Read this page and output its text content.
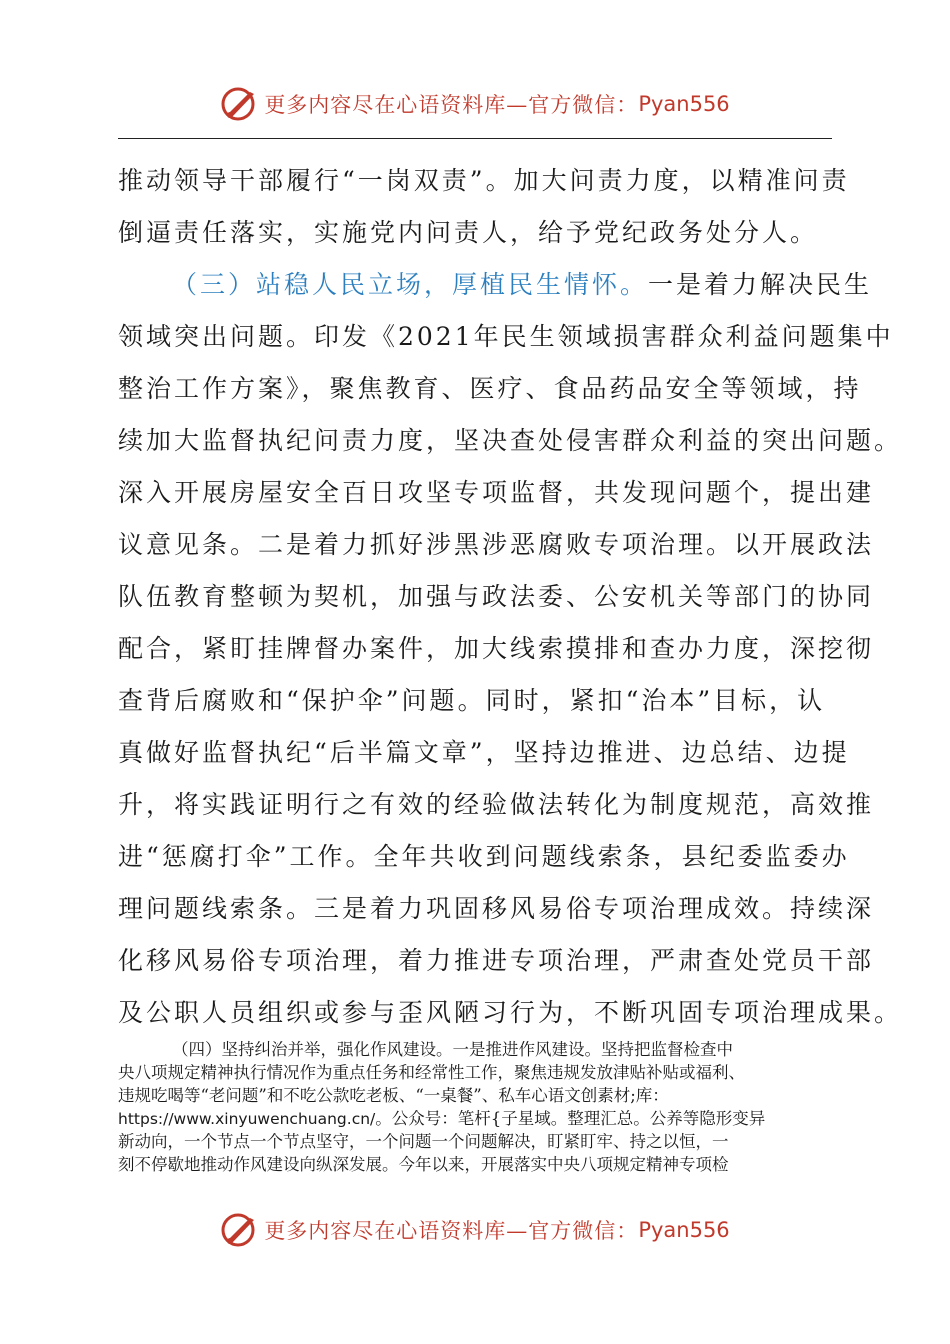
更多内容尽在心语资料库—官方微信： Pyan556
推动领导干部履行“一岗双责”。加大问责力度，以精准问责
倒逼责任落实，实施党内问责人，给予党纪政务处分人。
（三）站稳人民立场，厚植民生情怀。一是着力解决民生
领域突出问题。印发《2021年民生领域损害群众利益问题集中
整治工作方案》，聚焦教育、医疗、食品药品安全等领域，持
续加大监督执纪问责力度，坚决查处侵害群众利益的突出问题。
深入开展房屋安全百日攻坚专项监督，共发现问题个，提出建
议意见条。二是着力抓好涉黑涉恶腐败专项治理。以开展政法
队伍教育整顿为契机，加强与政法委、公安机关等部门的协同
配合，紧盯挂牌督办案件，加大线索摸排和查办力度，深挖彻
查背后腐败和“保护伞”问题。同时，紧扣“治本”目标，认
真做好监督执纪“后半篇文章”，坚持边推进、边总结、边提
升，将实践证明行之有效的经验做法转化为制度规范，高效推
进“惩腐打伞”工作。全年共收到问题线索条，县纪委监委办
理问题线索条。三是着力巩固移风易俗专项治理成效。持续深
化移风易俗专项治理，着力推进专项治理，严肃查处党员干部
及公职人员组织或参与歪风陋习行为，不断巩固专项治理成果。
（四）坚持纠治并举，强化作风建设。一是推进作风建设。坚持把监督检查中
央八项规定精神执行情况作为重点任务和经常性工作，聚焦违规发放津贴补贴或福利、
违规吃喝等“老问题”和不吃公款吃老板、“一桌餐”、私车心语文创素材;库：
https://www.xinyuwenchuang.cn/。公众号：笔杆{子星域。整理汇总。公养等隐形变异
新动向，一个节点一个节点坚守，一个问题一个问题解决，盯紧盯牢、持之以恒，一
刻不停歇地推动作风建设向纵深发展。今年以来，开展落实中央八项规定精神专项检
更多内容尽在心语资料库—官方微信： Pyan556
